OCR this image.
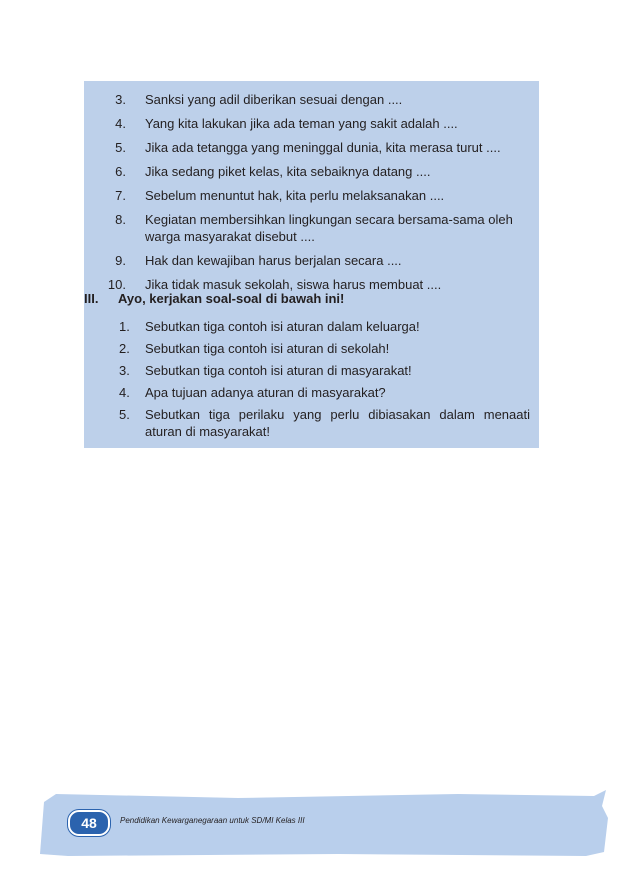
3. Sanksi yang adil diberikan sesuai dengan ....
4. Yang kita lakukan jika ada teman yang sakit adalah ....
5. Jika ada tetangga yang meninggal dunia, kita merasa turut ....
6. Jika sedang piket kelas, kita sebaiknya datang ....
7. Sebelum menuntut hak, kita perlu melaksanakan ....
8. Kegiatan membersihkan lingkungan secara bersama-sama oleh warga masyarakat disebut ....
9. Hak dan kewajiban harus berjalan secara ....
10. Jika tidak masuk sekolah, siswa harus membuat ....
III.	Ayo, kerjakan soal-soal di bawah ini!
1.	Sebutkan tiga contoh isi aturan dalam keluarga!
2.	Sebutkan tiga contoh isi aturan di sekolah!
3.	Sebutkan tiga contoh isi aturan di masyarakat!
4.	Apa tujuan adanya aturan di masyarakat?
5.	Sebutkan tiga perilaku yang perlu dibiasakan dalam menaati aturan di masyarakat!
48	Pendidikan Kewarganegaraan untuk SD/MI Kelas III
